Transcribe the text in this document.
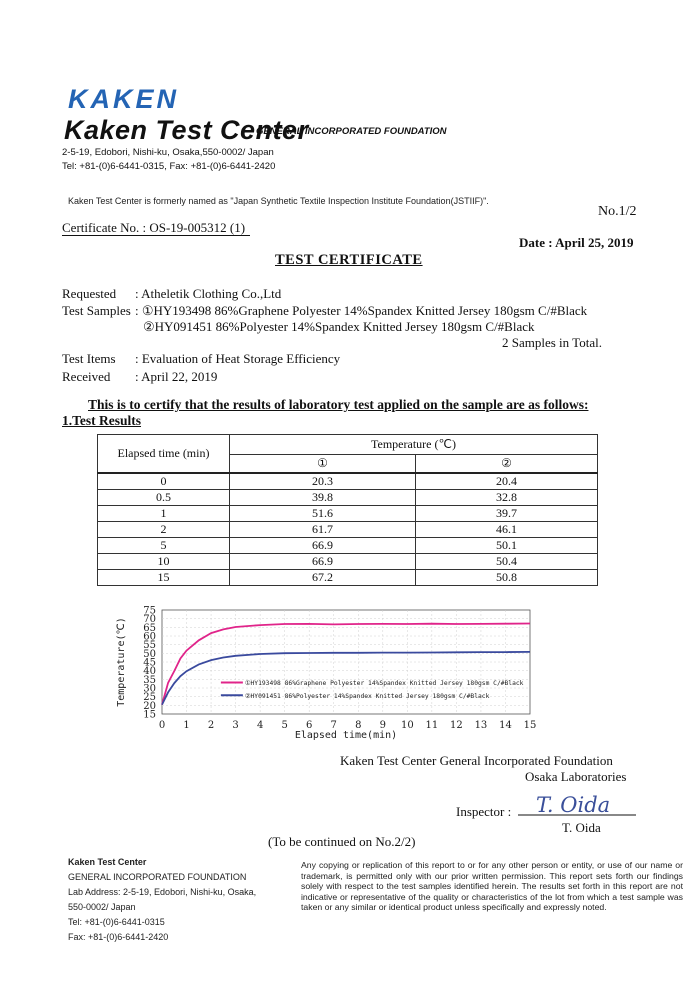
KAKEN
Kaken Test Center
GENERAL INCORPORATED FOUNDATION
2-5-19, Edobori, Nishi-ku, Osaka,550-0002/ Japan
Tel: +81-(0)6-6441-0315, Fax: +81-(0)6-6441-2420
Kaken Test Center is formerly named as "Japan Synthetic Textile Inspection Institute Foundation(JSTIIF)".
No.1/2
Certificate No. : OS-19-005312 (1)
Date : April 25, 2019
TEST CERTIFICATE
Requested : Atheletik Clothing Co.,Ltd
Test Samples : ①HY193498 86%Graphene Polyester 14%Spandex Knitted Jersey 180gsm C/#Black
②HY091451 86%Polyester 14%Spandex Knitted Jersey 180gsm C/#Black
2 Samples in Total.
Test Items : Evaluation of Heat Storage Efficiency
Received : April 22, 2019
This is to certify that the results of laboratory test applied on the sample are as follows:
1.Test Results
Elapsed time (min)	Temperature (℃)	
	①	②
0	20.3	20.4
0.5	39.8	32.8
1	51.6	39.7
2	61.7	46.1
5	66.9	50.1
10	66.9	50.4
15	67.2	50.8
15
20
25
30
35
40
45
50
55
60
65
70
75
0 1 2 3 4 5 6 7 8 9 10 11 12 13 14 15
Elapsed time(min)
Temperature(℃)	①HY193498 86%Graphene Polyester 14%Spandex Knitted Jersey 180gsm C/#Black
②HY091451 86%Polyester 14%Spandex Knitted Jersey 180gsm C/#Black
Kaken Test Center General Incorporated Foundation
Osaka Laboratories
Inspector : T. Oida
T. Oida
(To be continued on No.2/2)
Kaken Test Center
GENERAL INCORPORATED FOUNDATION
Lab Address: 2-5-19, Edobori, Nishi-ku, Osaka,
550-0002/ Japan
Tel: +81-(0)6-6441-0315
Fax: +81-(0)6-6441-2420
Any copying or replication of this report to or for any other person or entity, or use of our name or trademark, is permitted only with our prior written permission. This report sets forth our findings solely with respect to the test samples identified herein. The results set forth in this report are not indicative or representative of the quality or characteristics of the lot from which a test sample was taken or any similar or identical product unless specifically and expressly noted.
